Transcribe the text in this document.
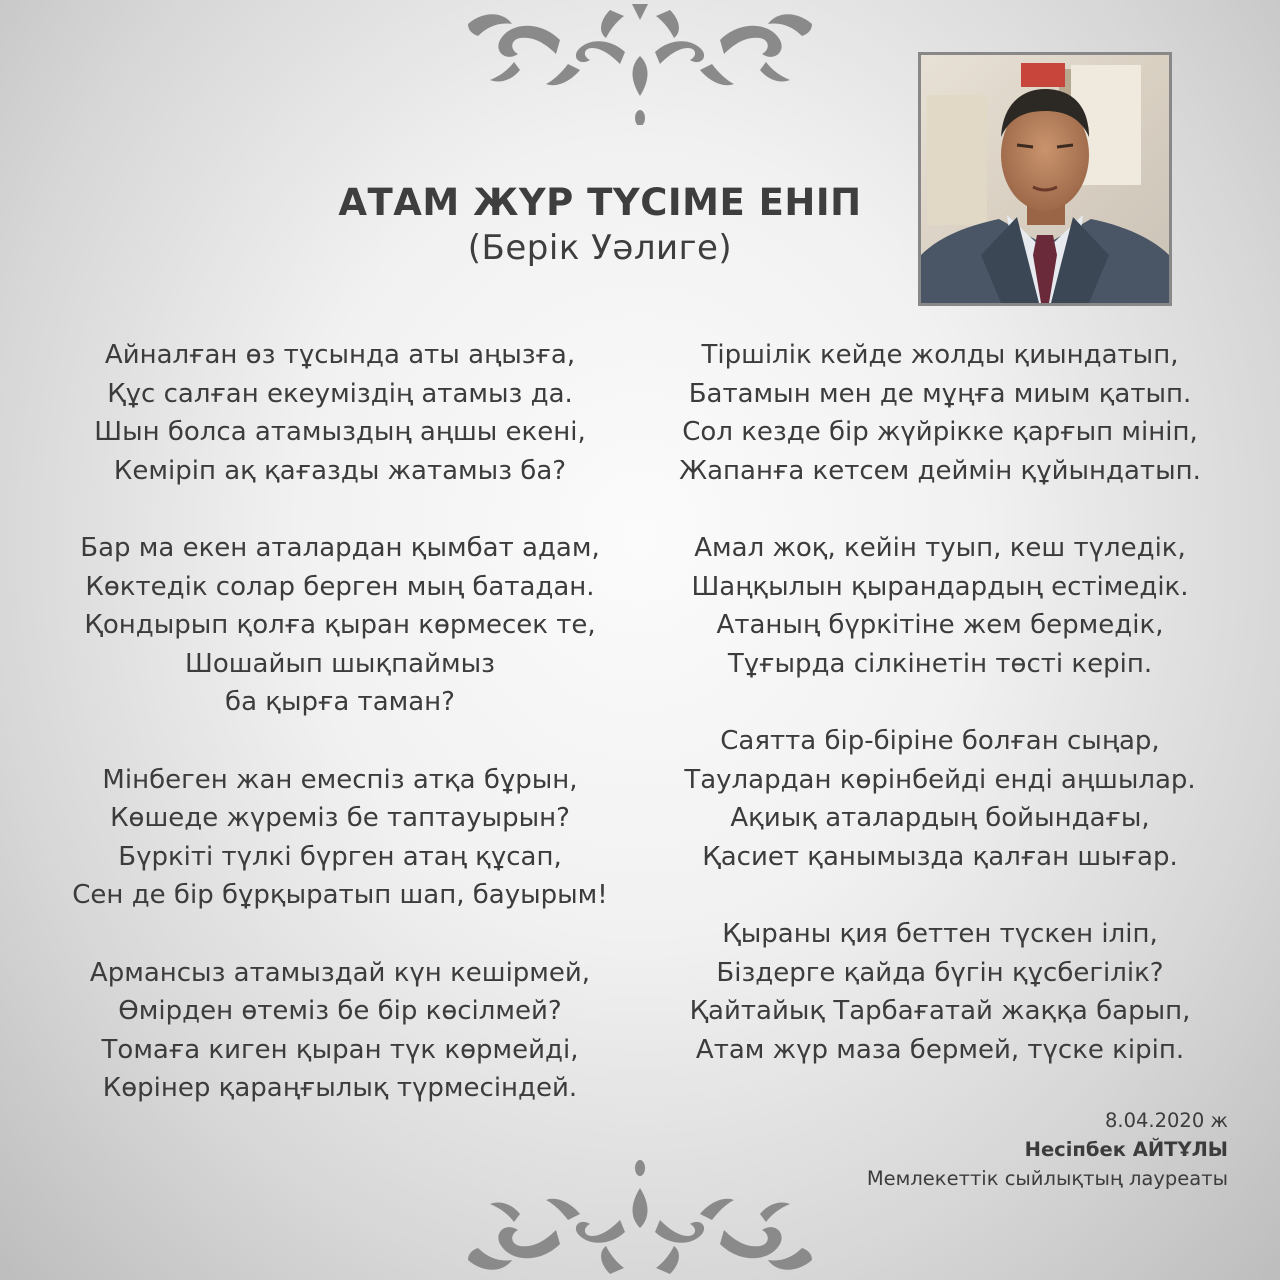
АТАМ ЖҮР ТҮСІМЕ ЕНІП
(Берік Уәлиге)
Айналған өз тұсында аты аңызға,
Құс салған екеуміздің атамыз да.
Шын болса атамыздың аңшы екені,
Кеміріп ақ қағазды жатамыз ба?
Бар ма екен аталардан қымбат адам,
Көктедік солар берген мың батадан.
Қондырып қолға қыран көрмесек те,
Шошайып шықпаймыз ба қырға таман?
Мінбеген жан емеспіз атқа бұрын,
Көшеде жүреміз бе таптауырын?
Бүркіті түлкі бүрген атаң құсап,
Сен де бір бұрқыратып шап, бауырым!
Армансыз атамыздай күн кешірмей,
Өмірден өтеміз бе бір көсілмей?
Томаға киген қыран түк көрмейді,
Көрінер қараңғылық түрмесіндей.
Тіршілік кейде жолды қиындатып,
Батамын мен де мұңға миым қатып.
Сол кезде бір жүйрікке қарғып мініп,
Жапанға кетсем деймін құйындатып.
Амал жоқ, кейін туып, кеш түледік,
Шаңқылын қырандардың естімедік.
Атаның бүркітіне жем бермедік,
Тұғырда сілкінетін төсті керіп.
Саятта бір-біріне болған сыңар,
Таулардан көрінбейді енді аңшылар.
Ақиық аталардың бойындағы,
Қасиет қанымызда қалған шығар.
Қыраны қия беттен түскен іліп,
Біздерге қайда бүгін құсбегілік?
Қайтайық Тарбағатай жаққа барып,
Атам жүр маза бермей, түске кіріп.
8.04.2020 ж
Несіпбек АЙТҰЛЫ
Мемлекеттік сыйлықтың лауреаты
